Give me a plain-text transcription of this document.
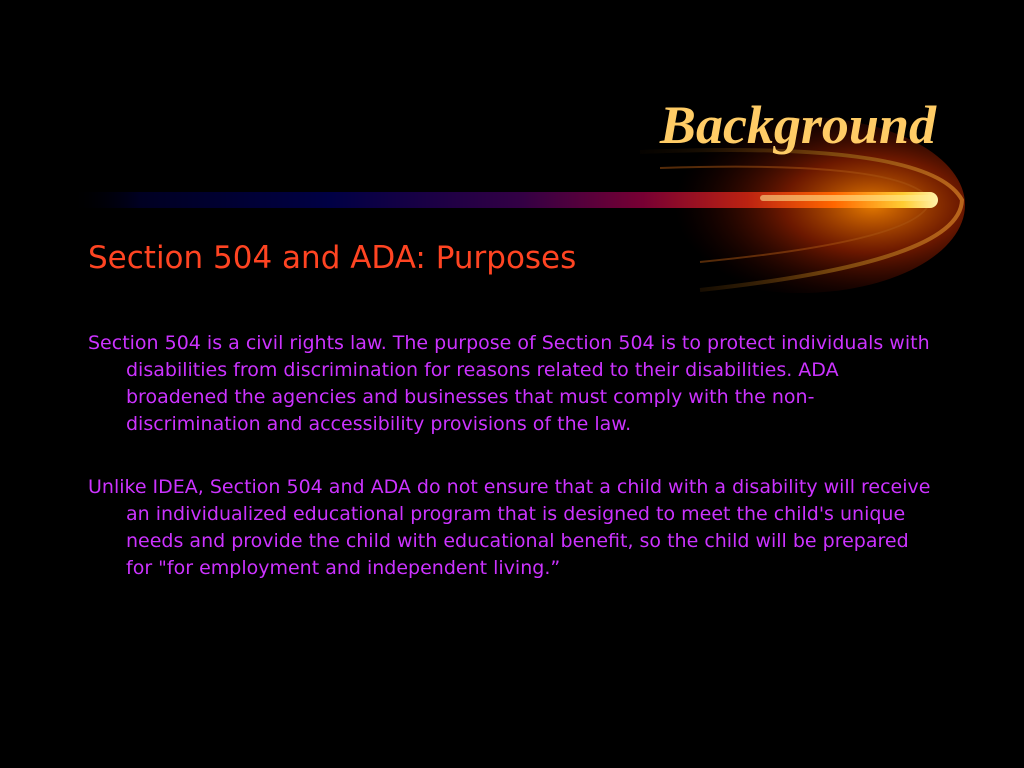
Background
Section 504 and ADA: Purposes

Section 504 is a civil rights law. The purpose of Section 504 is to protect individuals with disabilities from discrimination for reasons related to their disabilities. ADA broadened the agencies and businesses that must comply with the non-discrimination and accessibility provisions of the law.

Unlike IDEA, Section 504 and ADA do not ensure that a child with a disability will receive an individualized educational program that is designed to meet the child's unique needs and provide the child with educational benefit, so the child will be prepared for "for employment and independent living.”
